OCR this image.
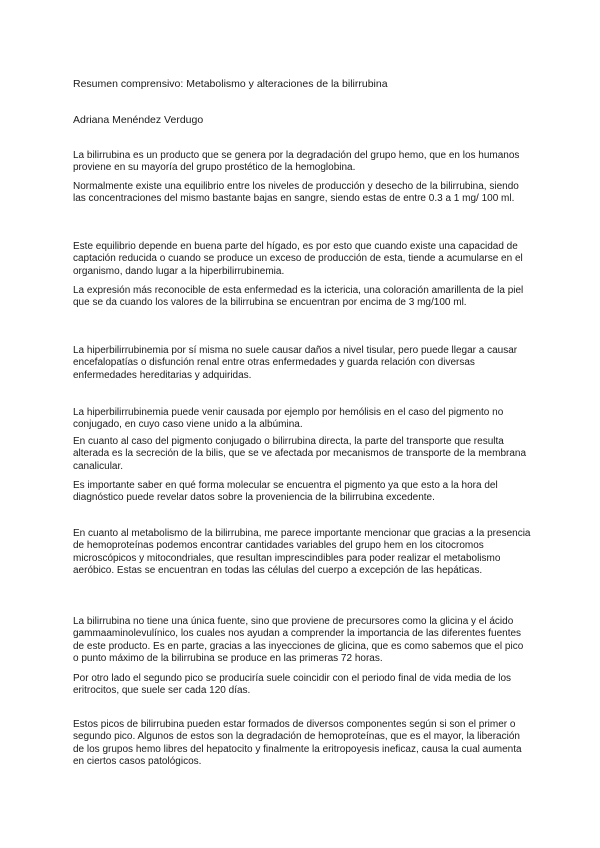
Resumen comprensivo: Metabolismo y alteraciones de la bilirrubina

Adriana Menéndez Verdugo

La bilirrubina es un producto que se genera por la degradación del grupo hemo, que en los humanos proviene en su mayoría del grupo prostético de la hemoglobina.

Normalmente existe una equilibrio entre los niveles de producción y desecho de la bilirrubina, siendo las concentraciones del mismo bastante bajas en sangre, siendo estas de entre 0.3 a 1 mg/ 100 ml.

Este equilibrio depende en buena parte del hígado, es por esto que cuando existe una capacidad de captación reducida o cuando se produce un exceso de producción de esta, tiende a acumularse en el organismo, dando lugar a la hiperbilirrubinemia.

La expresión más reconocible de esta enfermedad es la ictericia, una coloración amarillenta de la piel que se da cuando los valores de la bilirrubina se encuentran por encima de 3 mg/100 ml.

La hiperbilirrubinemia por sí misma no suele causar daños a nivel tisular, pero puede llegar a causar encefalopatías o disfunción renal entre otras enfermedades y guarda relación con diversas enfermedades hereditarias y adquiridas.

La hiperbilirrubinemia puede venir causada por ejemplo por hemólisis en el caso del pigmento no conjugado, en cuyo caso viene unido a la albúmina.

En cuanto al caso del pigmento conjugado o bilirrubina directa, la parte del transporte que resulta alterada es la secreción de la bilis, que se ve afectada por mecanismos de transporte de la membrana canalicular.

Es importante saber en qué forma molecular se encuentra el pigmento ya que esto a la hora del diagnóstico puede revelar datos sobre la proveniencia de la bilirrubina excedente.

En cuanto al metabolismo de la bilirrubina, me parece importante mencionar que gracias a la presencia de hemoproteínas podemos encontrar cantidades variables del grupo hem en los citocromos microscópicos y mitocondriales, que resultan imprescindibles para poder realizar el metabolismo aeróbico. Estas se encuentran en todas las células del cuerpo a excepción de las hepáticas.

La bilirrubina no tiene una única fuente, sino que proviene de precursores como la glicina y el ácido gammaaminolevulínico, los cuales nos ayudan a comprender la importancia de las diferentes fuentes de este producto. Es en parte, gracias a las inyecciones de glicina, que es como sabemos que el pico o punto máximo de la bilirrubina se produce en las primeras 72 horas.

Por otro lado el segundo pico se produciría suele coincidir con el periodo final de vida media de los eritrocitos, que suele ser cada 120 días.

Estos picos de bilirrubina pueden estar formados de diversos componentes según si son el primer o segundo pico. Algunos de estos son la degradación de hemoproteínas, que es el mayor, la liberación de los grupos hemo libres del hepatocito y finalmente la eritropoyesis ineficaz, causa la cual aumenta en ciertos casos patológicos.
